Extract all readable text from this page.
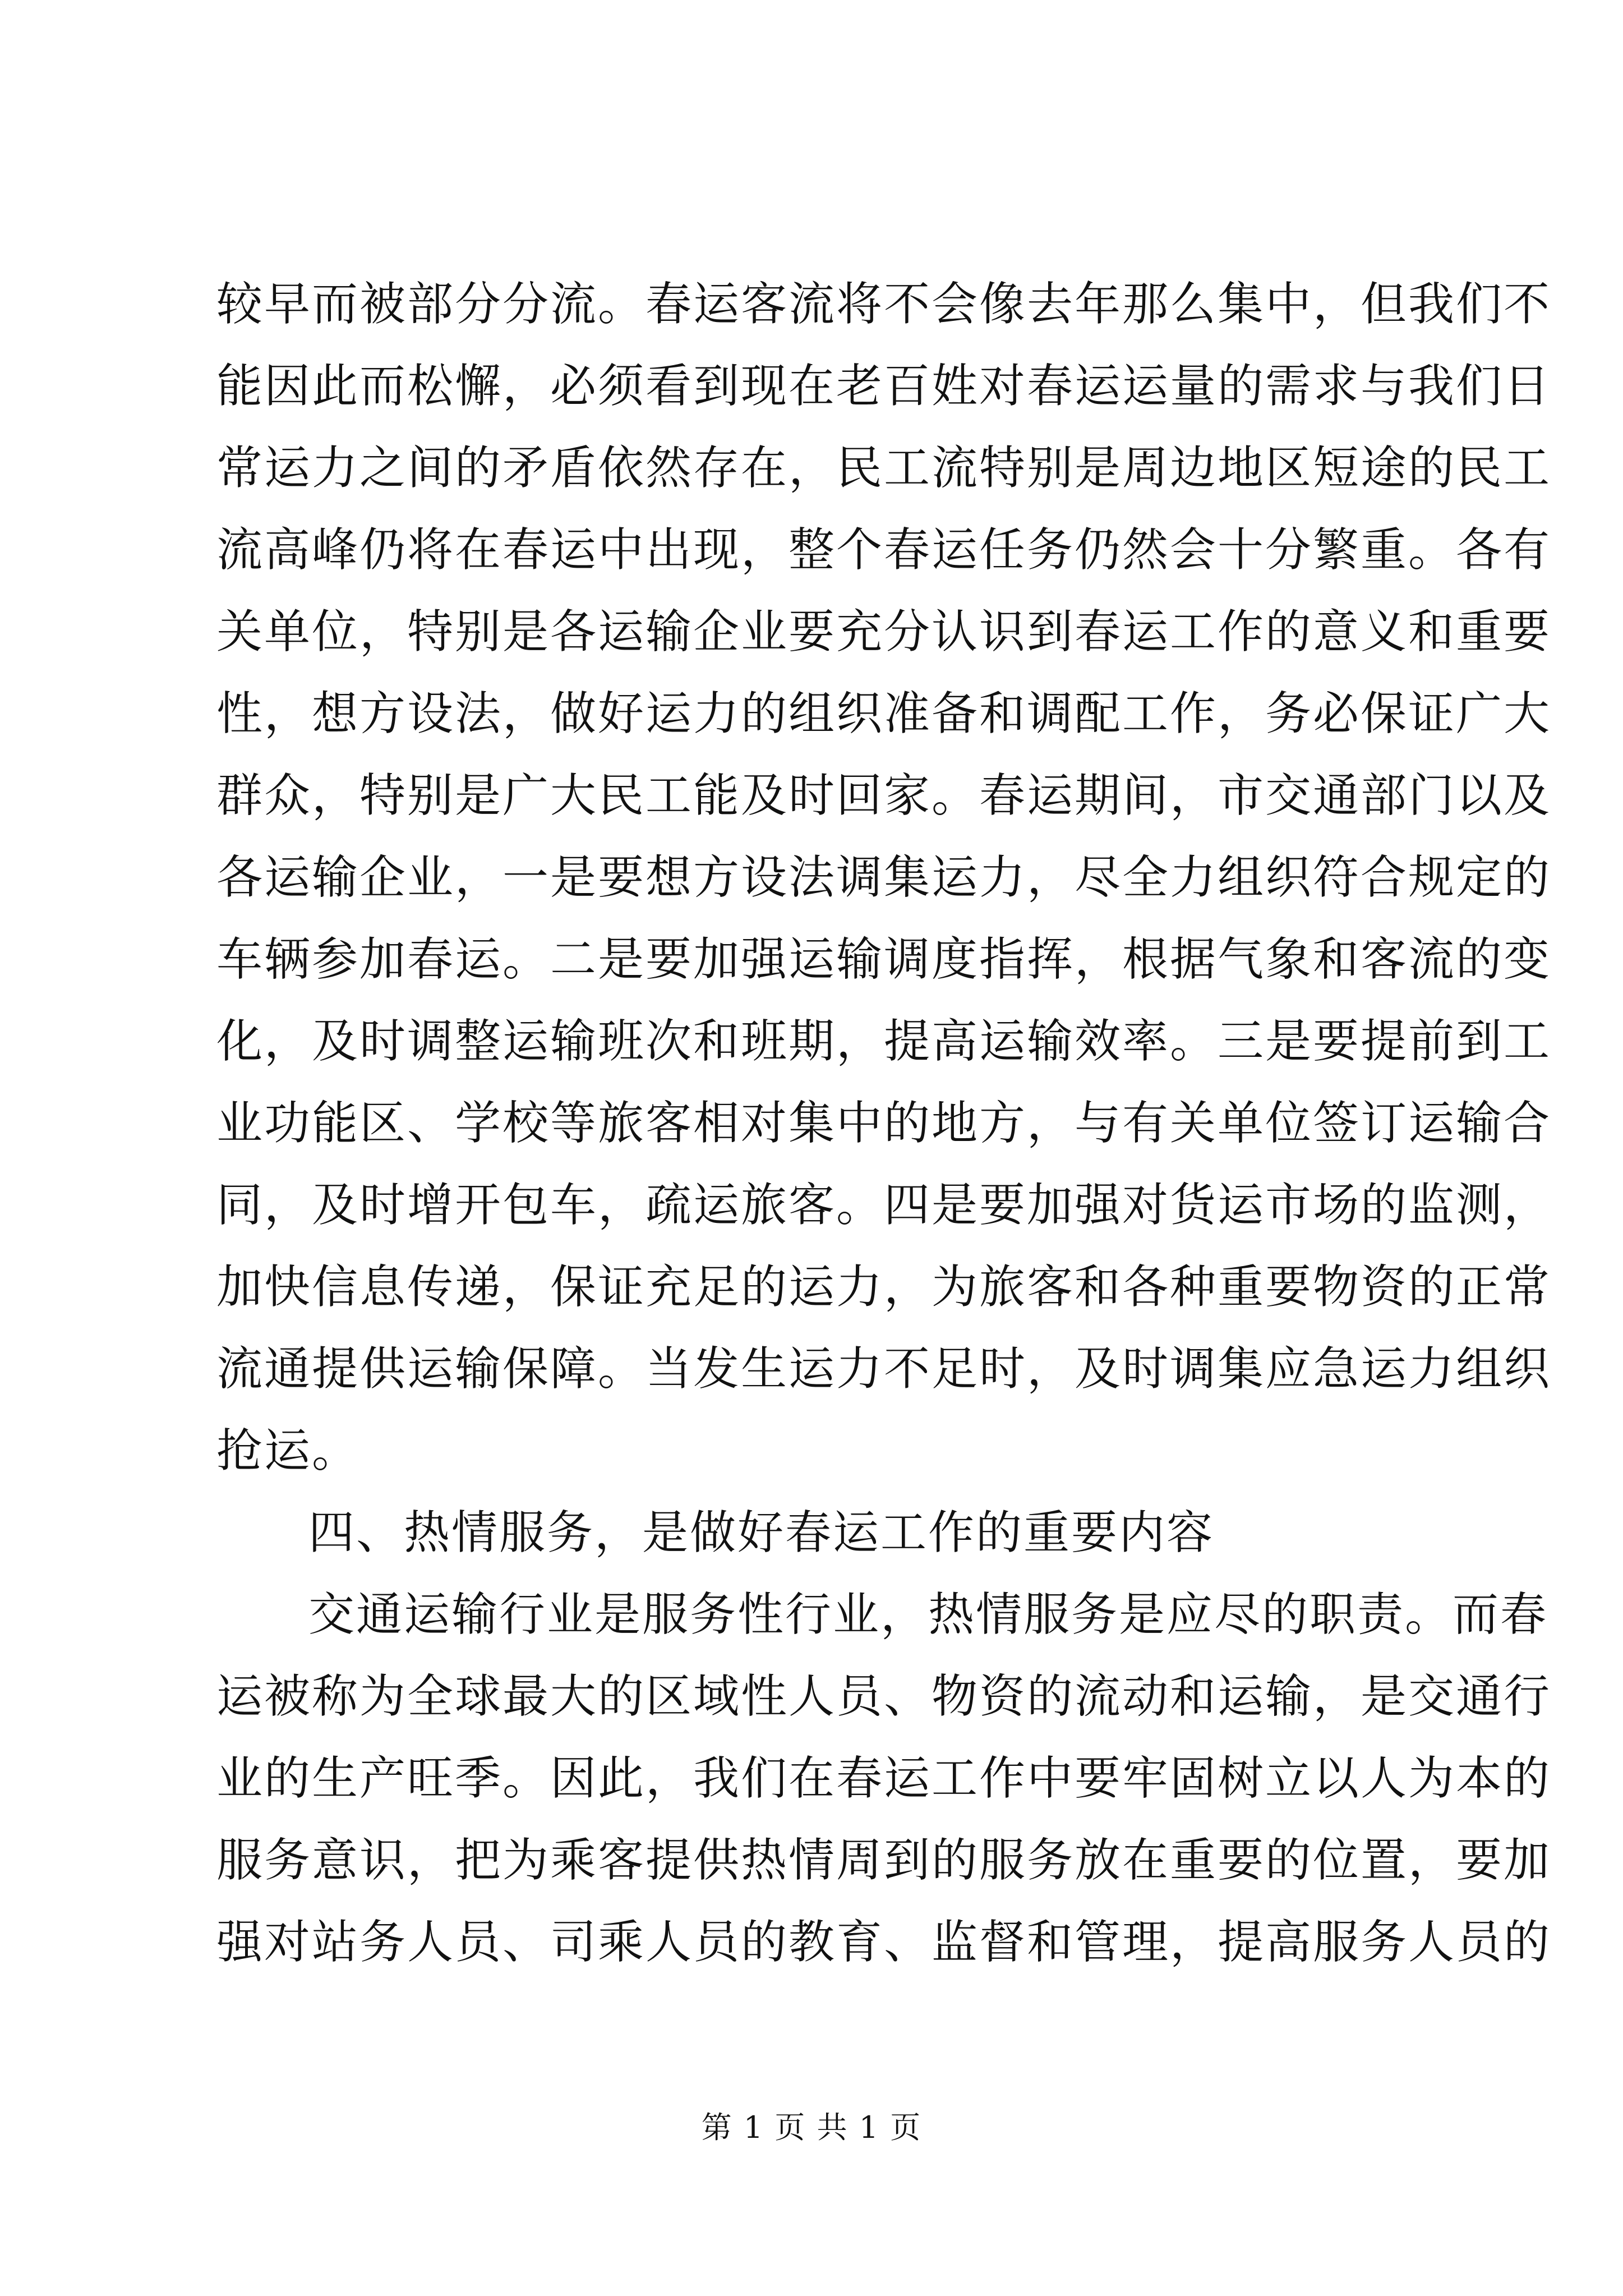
较早而被部分分流。春运客流将不会像去年那么集中，但我们不
能因此而松懈，必须看到现在老百姓对春运运量的需求与我们日
常运力之间的矛盾依然存在，民工流特别是周边地区短途的民工
流高峰仍将在春运中出现，整个春运任务仍然会十分繁重。各有
关单位，特别是各运输企业要充分认识到春运工作的意义和重要
性，想方设法，做好运力的组织准备和调配工作，务必保证广大
群众，特别是广大民工能及时回家。春运期间，市交通部门以及
各运输企业，一是要想方设法调集运力，尽全力组织符合规定的
车辆参加春运。二是要加强运输调度指挥，根据气象和客流的变
化，及时调整运输班次和班期，提高运输效率。三是要提前到工
业功能区、学校等旅客相对集中的地方，与有关单位签订运输合
同，及时增开包车，疏运旅客。四是要加强对货运市场的监测，
加快信息传递，保证充足的运力，为旅客和各种重要物资的正常
流通提供运输保障。当发生运力不足时，及时调集应急运力组织
抢运。
四、热情服务，是做好春运工作的重要内容
交通运输行业是服务性行业，热情服务是应尽的职责。而春
运被称为全球最大的区域性人员、物资的流动和运输，是交通行
业的生产旺季。因此，我们在春运工作中要牢固树立以人为本的
服务意识，把为乘客提供热情周到的服务放在重要的位置，要加
强对站务人员、司乘人员的教育、监督和管理，提高服务人员的
第 1 页 共 1 页
